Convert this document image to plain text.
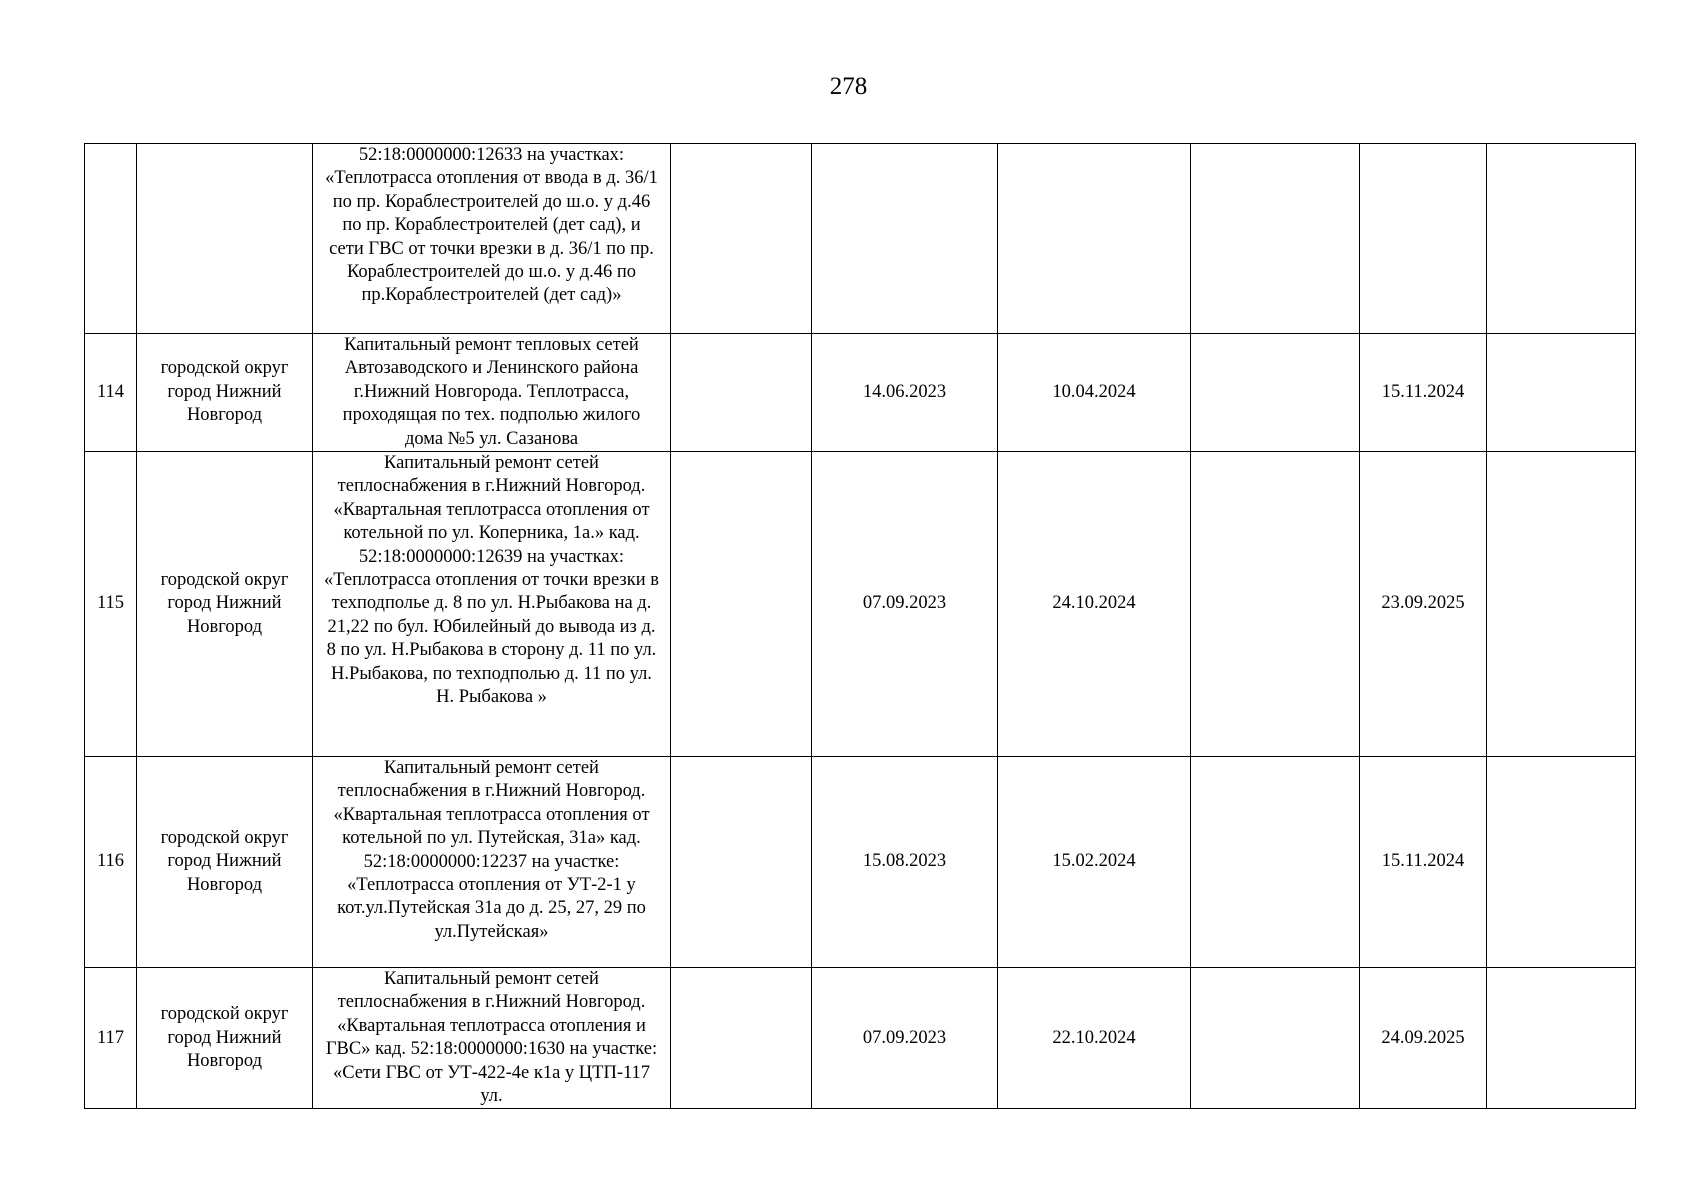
278
		52:18:0000000:12633 на участках: «Теплотрасса отопления от ввода в д. 36/1 по пр. Кораблестроителей до ш.о. у д.46 по пр. Кораблестроителей (дет сад), и сети ГВС от точки врезки в д. 36/1 по пр. Кораблестроителей до ш.о. у д.46 по пр.Кораблестроителей (дет сад)»						
114	городской округ город Нижний Новгород	Капитальный ремонт тепловых сетей Автозаводского и Ленинского района г.Нижний Новгорода. Теплотрасса, проходящая по тех. подполью жилого дома №5 ул. Сазанова		14.06.2023	10.04.2024		15.11.2024	
115	городской округ город Нижний Новгород	Капитальный ремонт сетей теплоснабжения в г.Нижний Новгород. «Квартальная теплотрасса отопления от котельной по ул. Коперника, 1а.» кад. 52:18:0000000:12639 на участках: «Теплотрасса отопления от точки врезки в техподполье д. 8 по ул. Н.Рыбакова на д. 21,22 по бул. Юбилейный до вывода из д. 8 по ул. Н.Рыбакова в сторону д. 11 по ул. Н.Рыбакова, по техподполью д. 11 по ул. Н. Рыбакова »		07.09.2023	24.10.2024		23.09.2025	
116	городской округ город Нижний Новгород	Капитальный ремонт сетей теплоснабжения в г.Нижний Новгород. «Квартальная теплотрасса отопления от котельной по ул. Путейская, 31а» кад. 52:18:0000000:12237 на участке: «Теплотрасса отопления от УТ-2-1 у кот.ул.Путейская 31а до д. 25, 27, 29 по ул.Путейская»		15.08.2023	15.02.2024		15.11.2024	
117	городской округ город Нижний Новгород	Капитальный ремонт сетей теплоснабжения в г.Нижний Новгород. «Квартальная теплотрасса отопления и ГВС» кад. 52:18:0000000:1630 на участке: «Сети ГВС от УТ-422-4е к1а у ЦТП-117 ул.		07.09.2023	22.10.2024		24.09.2025	
